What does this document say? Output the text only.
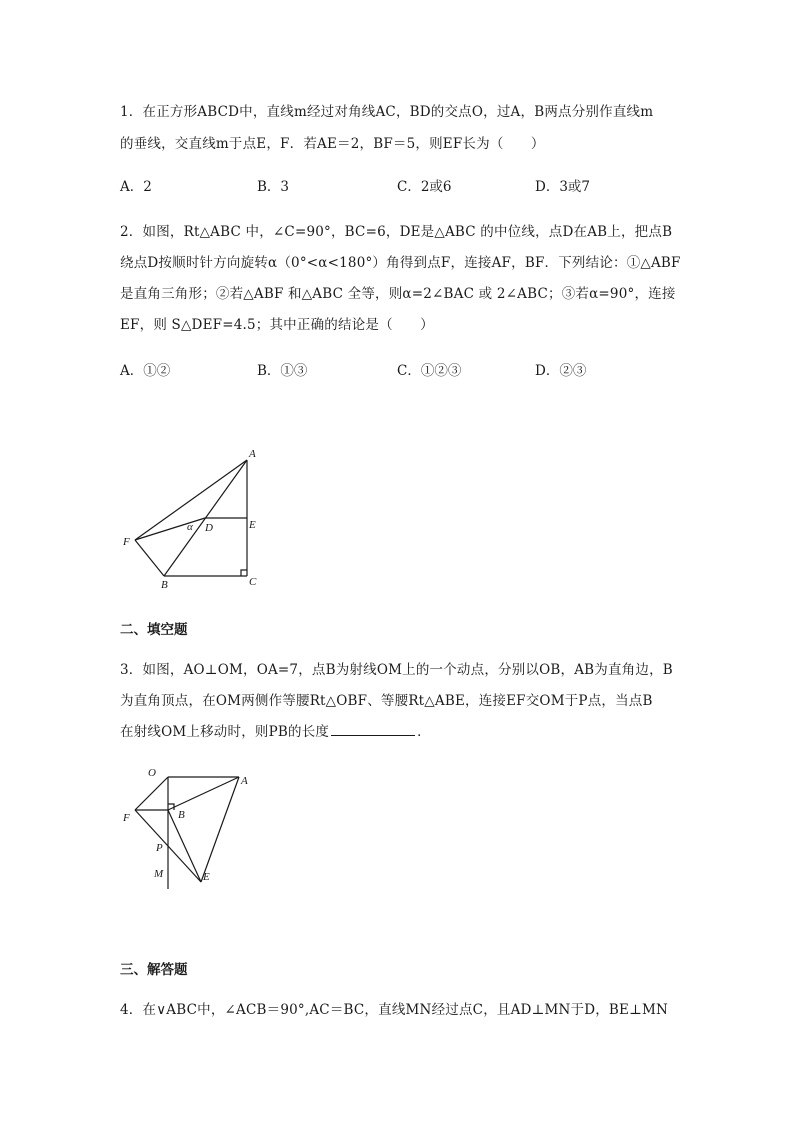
1．在正方形ABCD中，直线m经过对角线AC，BD的交点O，过A，B两点分别作直线m
的垂线，交直线m于点E，F．若AE＝2，BF＝5，则EF长为（　　）
A．2	B．3	C．2或6	D．3或7
2．如图，Rt△ABC 中，∠C=90°，BC=6，DE是△ABC 的中位线，点D在AB上，把点B
绕点D按顺时针方向旋转α（0°<α<180°）角得到点F，连接AF，BF．下列结论：①△ABF
是直角三角形；②若△ABF 和△ABC 全等，则α=2∠BAC 或 2∠ABC；③若α=90°，连接
EF，则 S△DEF=4.5；其中正确的结论是（　　）
A．①②	B．①③	C．①②③	D．②③
A
B	C
D	E
F
α
二、填空题
3．如图，AO⊥OM，OA=7，点B为射线OM上的一个动点，分别以OB，AB为直角边，B
为直角顶点，在OM两侧作等腰Rt△OBF、等腰Rt△ABE，连接EF交OM于P点，当点B
在射线OM上移动时，则PB的长度	．
O
A
B
F
P
M	E
三、解答题
4．在∨ABC中，∠ACB＝90°,AC＝BC，直线MN经过点C，且AD⊥MN于D，BE⊥MN
